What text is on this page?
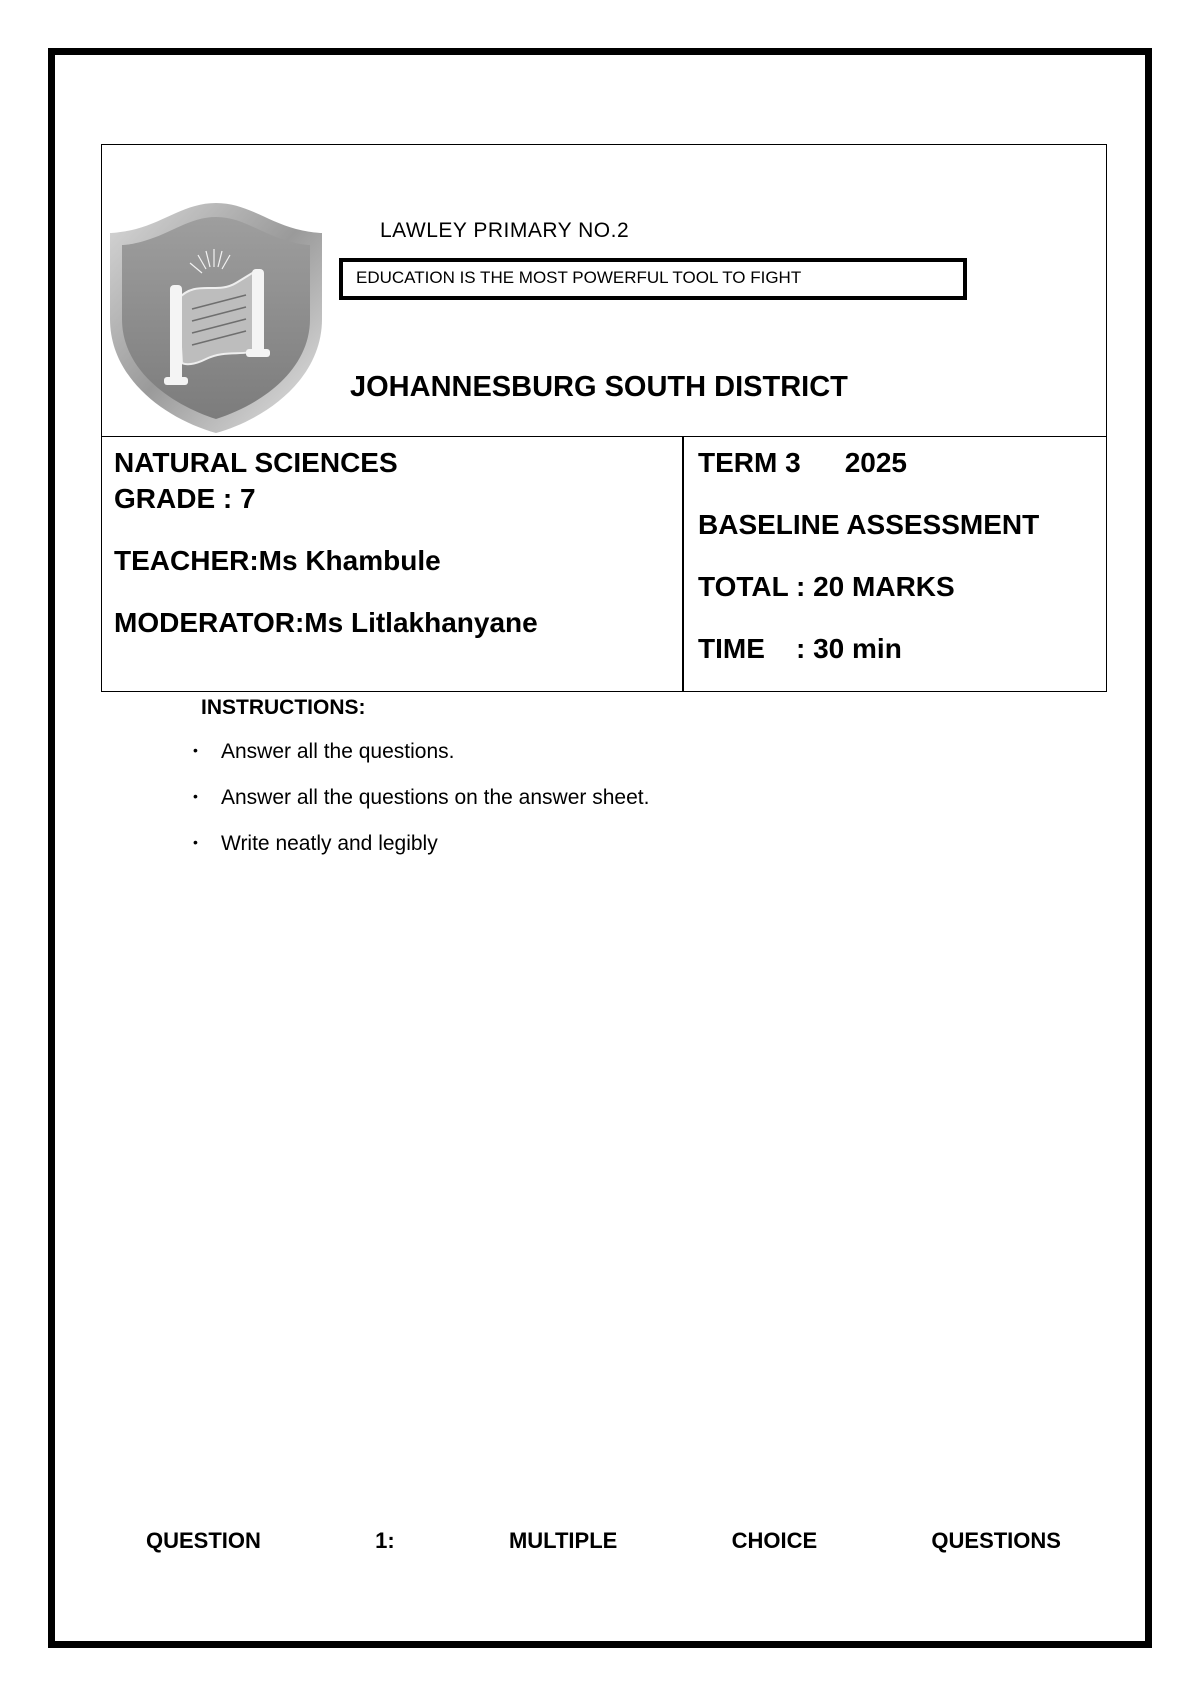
LAWLEY PRIMARY NO.2
EDUCATION IS THE MOST POWERFUL TOOL TO FIGHT
JOHANNESBURG SOUTH DISTRICT
NATURAL SCIENCES
GRADE : 7
TEACHER:Ms Khambule
MODERATOR:Ms Litlakhanyane
TERM 3 2025
BASELINE ASSESSMENT
TOTAL : 20 MARKS
TIME    : 30 min
INSTRUCTIONS:
• Answer all the questions.
• Answer all the questions on the answer sheet.
• Write neatly and legibly
QUESTION	1:	MULTIPLE	CHOICE	QUESTIONS
